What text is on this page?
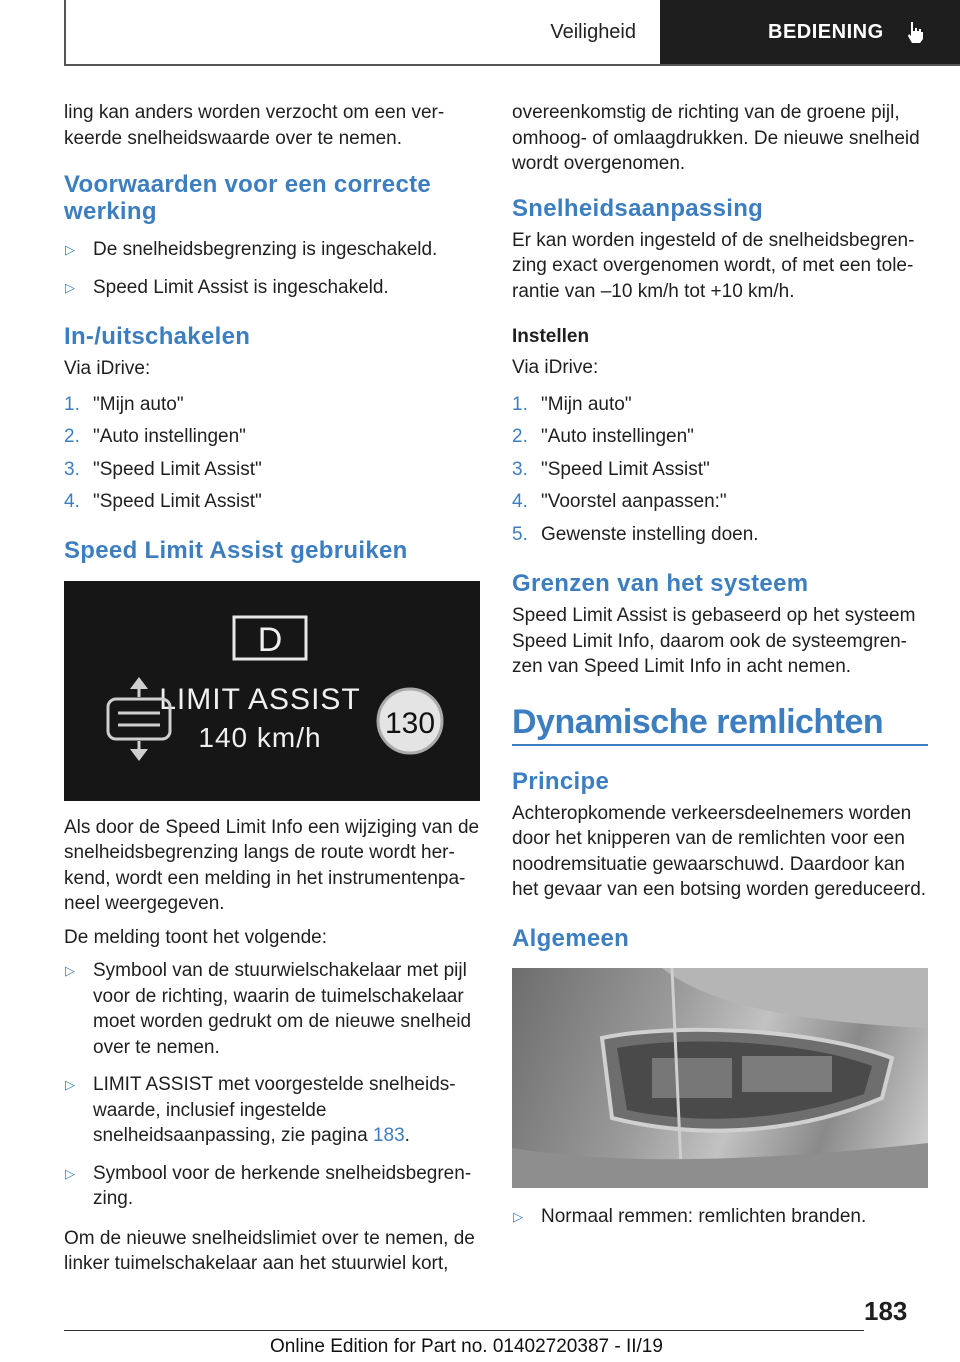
Veiligheid	BEDIENING

ling kan anders worden verzocht om een verkeerde snelheidswaarde over te nemen.

Voorwaarden voor een correcte werking
▷ De snelheidsbegrenzing is ingeschakeld.
▷ Speed Limit Assist is ingeschakeld.
In-/uitschakelen

Via iDrive:

1. "Mijn auto"
2. "Auto instellingen"
3. "Speed Limit Assist"
4. "Speed Limit Assist"
Speed Limit Assist gebruiken
D
LIMIT ASSIST
140 km/h 130

Als door de Speed Limit Info een wijziging van de snelheidsbegrenzing langs de route wordt herkend, wordt een melding in het instrumentenpaneel weergegeven.

De melding toont het volgende:

▷ Symbool van de stuurwielschakelaar met pijl voor de richting, waarin de tuimelschakelaar moet worden gedrukt om de nieuwe snelheid over te nemen.
▷ LIMIT ASSIST met voorgestelde snelheidswaarde, inclusief ingestelde snelheidsaanpassing, zie pagina 183.
▷ Symbool voor de herkende snelheidsbegrenzing.

Om de nieuwe snelheidslimiet over te nemen, de linker tuimelschakelaar aan het stuurwiel kort,

overeenkomstig de richting van de groene pijl, omhoog- of omlaagdrukken. De nieuwe snelheid wordt overgenomen.

Snelheidsaanpassing

Er kan worden ingesteld of de snelheidsbegrenzing exact overgenomen wordt, of met een tolerantie van –10 km/h tot +10 km/h.

Instellen

Via iDrive:

1. "Mijn auto"
2. "Auto instellingen"
3. "Speed Limit Assist"
4. "Voorstel aanpassen:"
5. Gewenste instelling doen.
Grenzen van het systeem

Speed Limit Assist is gebaseerd op het systeem Speed Limit Info, daarom ook de systeemgrenzen van Speed Limit Info in acht nemen.

Dynamische remlichten
Principe

Achteropkomende verkeersdeelnemers worden door het knipperen van de remlichten voor een noodremsituatie gewaarschuwd. Daardoor kan het gevaar van een botsing worden gereduceerd.

Algemeen
▷ Normaal remmen: remlichten branden.
183
Online Edition for Part no. 01402720387 - II/19
